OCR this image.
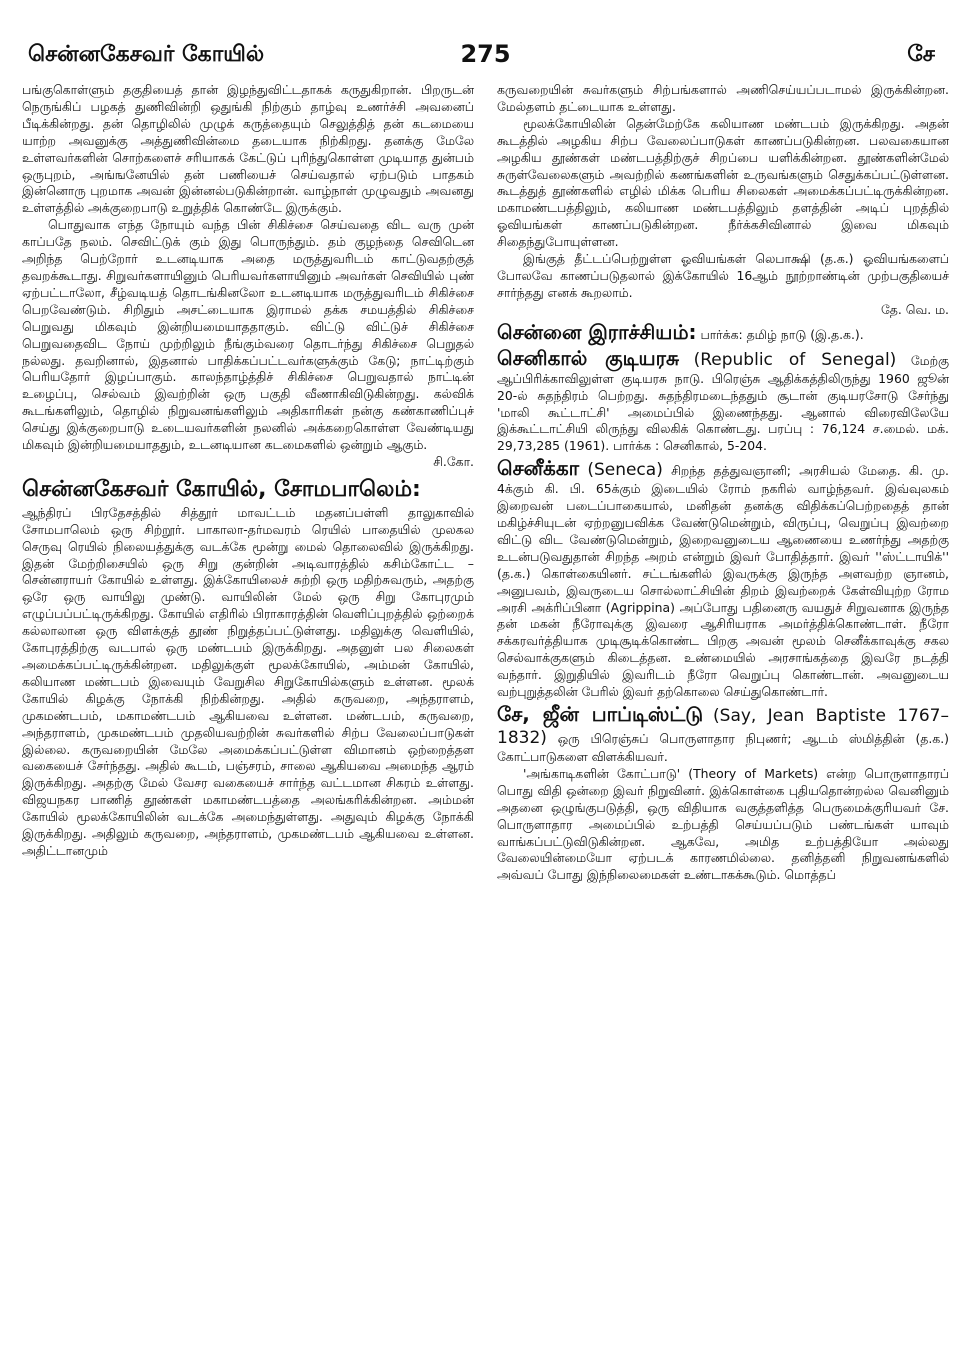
சென்னகேசவர் கோயில்	275	சே

பங்குகொள்ளும் தகுதியைத் தான் இழந்துவிட்டதாகக் கருதுகிறான். பிறருடன் நெருங்கிப் பழகத் துணிவின்றி ஒதுங்கி நிற்கும் தாழ்வு உணர்ச்சி அவனைப் பீடிக்கின்றது. தன் தொழிலில் முழுக் கருத்தையும் செலுத்தித் தன் கடமையை யாற்ற அவனுக்கு அத்துணிவின்மை தடையாக நிற்கிறது. தனக்கு மேலே உள்ளவர்களின் சொற்களைச் சரியாகக் கேட்டுப் புரிந்துகொள்ள முடியாத துன்பம் ஒருபுறம், அங்ஙனேயில் தன் பணியைச் செய்வதால் ஏற்படும் பாதகம் இன்னொரு புறமாக அவன் இன்னல்படுகின்றான். வாழ்நாள் முழுவதும் அவனது உள்ளத்தில் அக்குறைபாடு உறுத்திக் கொண்டே இருக்கும்.

பொதுவாக எந்த நோயும் வந்த பின் சிகிச்சை செய்வதை விட வரு முன் காப்பதே நலம். செவிட்டுக் கும் இது பொருந்தும். தம் குழந்தை செவிடென அறிந்த பெற்றோர் உடனடியாக அதை மருத்துவரிடம் காட்டுவதற்குத் தவறக்கூடாது. சிறுவர்களாயினும் பெரியவர்களாயினும் அவர்கள் செவியில் புண் ஏற்பட்டாலோ, சீழ்வடியத் தொடங்கினலோ உடனடியாக மருத்துவரிடம் சிகிச்சை பெறவேண்டும். சிறிதும் அசட்டையாக இராமல் தக்க சமயத்தில் சிகிச்சை பெறுவது மிகவும் இன்றியமையாததாகும். விட்டு விட்டுச் சிகிச்சை பெறுவதைவிட நோய் முற்றிலும் நீங்கும்வரை தொடர்ந்து சிகிச்சை பெறுதல் நல்லது. தவறினால், இதனால் பாதிக்கப்பட்டவர்களுக்கும் கேடு; நாட்டிற்கும் பெரியதோர் இழப்பாகும். காலந்தாழ்த்திச் சிகிச்சை பெறுவதால் நாட்டின் உழைப்பு, செல்வம் இவற்றின் ஒரு பகுதி வீணாகிவிடுகின்றது. கல்விக் கூடங்களிலும், தொழில் நிறுவனங்களிலும் அதிகாரிகள் நன்கு கண்காணிப்புச் செய்து இக்குறைபாடு உடையவர்களின் நலனில் அக்கறைகொள்ள வேண்டியது மிகவும் இன்றியமையாததும், உடனடியான கடமைகளில் ஒன்றும் ஆகும்.

சி.கோ.

சென்னகேசவர் கோயில், சோமபாலெம்:

ஆந்திரப் பிரதேசத்தில் சித்தூர் மாவட்டம் மதனப்பள்ளி தாலுகாவில் சோமபாலெம் ஒரு சிற்றூர். பாகாலா-தர்மவரம் ரெயில் பாதையில் முலகல செருவு ரெயில் நிலையத்துக்கு வடக்கே மூன்று மைல் தொலைவில் இருக்கிறது. இதன் மேற்றிசையில் ஒரு சிறு குன்றின் அடிவாரத்தில் கசிம்கோட்ட – சென்னராயர் கோயில் உள்ளது. இக்கோயிலைச் சுற்றி ஒரு மதிற்சுவரும், அதற்கு ஒரே ஒரு வாயிலு முண்டு. வாயிலின் மேல் ஒரு சிறு கோபுரமும் எழுப்பப்பட்டிருக்கிறது. கோயில் எதிரில் பிராகாரத்தின் வெளிப்புறத்தில் ஒற்றைக் கல்லாலான ஒரு விளக்குத் தூண் நிறுத்தப்பட்டுள்ளது. மதிலுக்கு வெளியில், கோபுரத்திற்கு வடபால் ஒரு மண்டபம் இருக்கிறது. அதனுள் பல சிலைகள் அமைக்கப்பட்டிருக்கின்றன. மதிலுக்குள் மூலக்கோயில், அம்மன் கோயில், கலியாண மண்டபம் இவையும் வேறுசில சிறுகோயில்களும் உள்ளன. மூலக் கோயில் கிழக்கு நோக்கி நிற்கின்றது. அதில் கருவறை, அந்தராளம், முகமண்டபம், மகாமண்டபம் ஆகியவை உள்ளன. மண்டபம், கருவறை, அந்தராளம், முகமண்டபம் முதலியவற்றின் சுவர்களில் சிற்ப வேலைப்பாடுகள் இல்லை. கருவறையின் மேலே அமைக்கப்பட்டுள்ள விமானம் ஒற்றைத்தள வகையைச் சேர்ந்தது. அதில் கூடம், பஞ்சரம், சாலை ஆகியவை அமைந்த ஆரம் இருக்கிறது. அதற்கு மேல் வேசர வகையைச் சார்ந்த வட்டமான சிகரம் உள்ளது. விஜயநகர பாணித் தூண்கள் மகாமண்டபத்தை அலங்கரிக்கின்றன. அம்மன் கோயில் மூலக்கோயிலின் வடக்கே அமைந்துள்ளது. அதுவும் கிழக்கு நோக்கி இருக்கிறது. அதிலும் கருவறை, அந்தராளம், முகமண்டபம் ஆகியவை உள்ளன. அதிட்டானமும்

கருவறையின் சுவர்களும் சிற்பங்களால் அணிசெய்யப்படாமல் இருக்கின்றன. மேல்தளம் தட்டையாக உள்ளது.

மூலக்கோயிலின் தென்மேற்கே கலியாண மண்டபம் இருக்கிறது. அதன் கூடத்தில் அழகிய சிற்ப வேலைப்பாடுகள் காணப்படுகின்றன. பலவகையான அழகிய தூண்கள் மண்டபத்திற்குச் சிறப்பை யளிக்கின்றன. தூண்களின்மேல் சுருள்வேலைகளும் அவற்றில் கணங்களின் உருவங்களும் செதுக்கப்பட்டுள்ளன. கூடத்துத் தூண்களில் எழில் மிக்க பெரிய சிலைகள் அமைக்கப்பட்டிருக்கின்றன. மகாமண்டபத்திலும், கலியாண மண்டபத்திலும் தளத்தின் அடிப் புறத்தில் ஓவியங்கள் காணப்படுகின்றன. நீர்க்கசிவினால் இவை மிகவும் சிதைந்துபோயுள்ளன.

இங்குத் தீட்டப்பெற்றுள்ள ஓவியங்கள் லெபாக்ஷி (த.க.) ஓவியங்களைப் போலவே காணப்படுதலால் இக்கோயில் 16ஆம் நூற்றாண்டின் முற்பகுதியைச் சார்ந்தது எனக் கூறலாம்.

தே. வெ. ம.

சென்னை இராச்சியம்: பார்க்க: தமிழ் நாடு (இ.த.க.).

செனிகால் குடியரசு (Republic of Senegal) மேற்கு ஆப்பிரிக்காவிலுள்ள குடியரசு நாடு. பிரெஞ்சு ஆதிக்கத்திலிருந்து 1960 ஜூன் 20-ல் சுதந்திரம் பெற்றது. சுதந்திரமடைந்ததும் சூடான் குடியரசோடு சேர்ந்து 'மாலி கூட்டாட்சி' அமைப்பில் இணைந்தது. ஆனால் விரைவிலேயே இக்கூட்டாட்சியி லிருந்து விலகிக் கொண்டது. பரப்பு : 76,124 ச.மைல். மக். 29,73,285 (1961). பார்க்க : செனிகால், 5-204.

செனீக்கா (Seneca) சிறந்த தத்துவஞானி; அரசியல் மேதை. கி. மு. 4க்கும் கி. பி. 65க்கும் இடையில் ரோம் நகரில் வாழ்ந்தவர். இவ்வுலகம் இறைவன் படைப்பாகையால், மனிதன் தனக்கு விதிக்கப்பெற்றதைத் தான் மகிழ்ச்சியுடன் ஏற்றனுபவிக்க வேண்டுமென்றும், விருப்பு, வெறுப்பு இவற்றை விட்டு விட வேண்டுமென்றும், இறைவனுடைய ஆணையை உணர்ந்து அதற்கு உடன்படுவதுதான் சிறந்த அறம் என்றும் இவர் போதித்தார். இவர் ''ஸ்ட்டாயிக்'' (த.க.) கொள்கையினர். சட்டங்களில் இவருக்கு இருந்த அளவற்ற ஞானம், அனுபவம், இவருடைய சொல்லாட்சியின் திறம் இவற்றைக் கேள்வியுற்ற ரோம அரசி அக்ரிப்பினா (Agrippina) அப்போது பதினைரு வயதுச் சிறுவனாக இருந்த தன் மகன் நீரோவுக்கு இவரை ஆசிரியராக அமர்த்திக்கொண்டாள். நீரோ சக்கரவர்த்தியாக முடிசூடிக்கொண்ட பிறகு அவன் மூலம் செனீக்காவுக்கு சகல செல்வாக்குகளும் கிடைத்தன. உண்மையில் அரசாங்கத்தை இவரே நடத்தி வந்தார். இறுதியில் இவரிடம் நீரோ வெறுப்பு கொண்டான். அவனுடைய வற்புறுத்தலின் பேரில் இவர் தற்கொலை செய்துகொண்டார்.

சே, ஜீன் பாப்டிஸ்ட்டு (Say, Jean Baptiste 1767–1832) ஒரு பிரெஞ்சுப் பொருளாதார நிபுணர்; ஆடம் ஸ்மித்தின் (த.க.) கோட்பாடுகளை விளக்கியவர்.

'அங்காடிகளின் கோட்பாடு' (Theory of Markets) என்ற பொருளாதாரப் பொது விதி ஒன்றை இவர் நிறுவினர். இக்கொள்கை புதியதொன்றல்ல வெனினும் அதனை ஒழுங்குபடுத்தி, ஒரு விதியாக வகுத்தளித்த பெருமைக்குரியவர் சே. பொருளாதார அமைப்பில் உற்பத்தி செய்யப்படும் பண்டங்கள் யாவும் வாங்கப்பட்டுவிடுகின்றன. ஆகவே, அமித உற்பத்தியோ அல்லது வேலையின்மையோ ஏற்படக் காரணமில்லை. தனித்தனி நிறுவனங்களில் அவ்வப் போது இந்நிலைமைகள் உண்டாகக்கூடும். மொத்தப்
